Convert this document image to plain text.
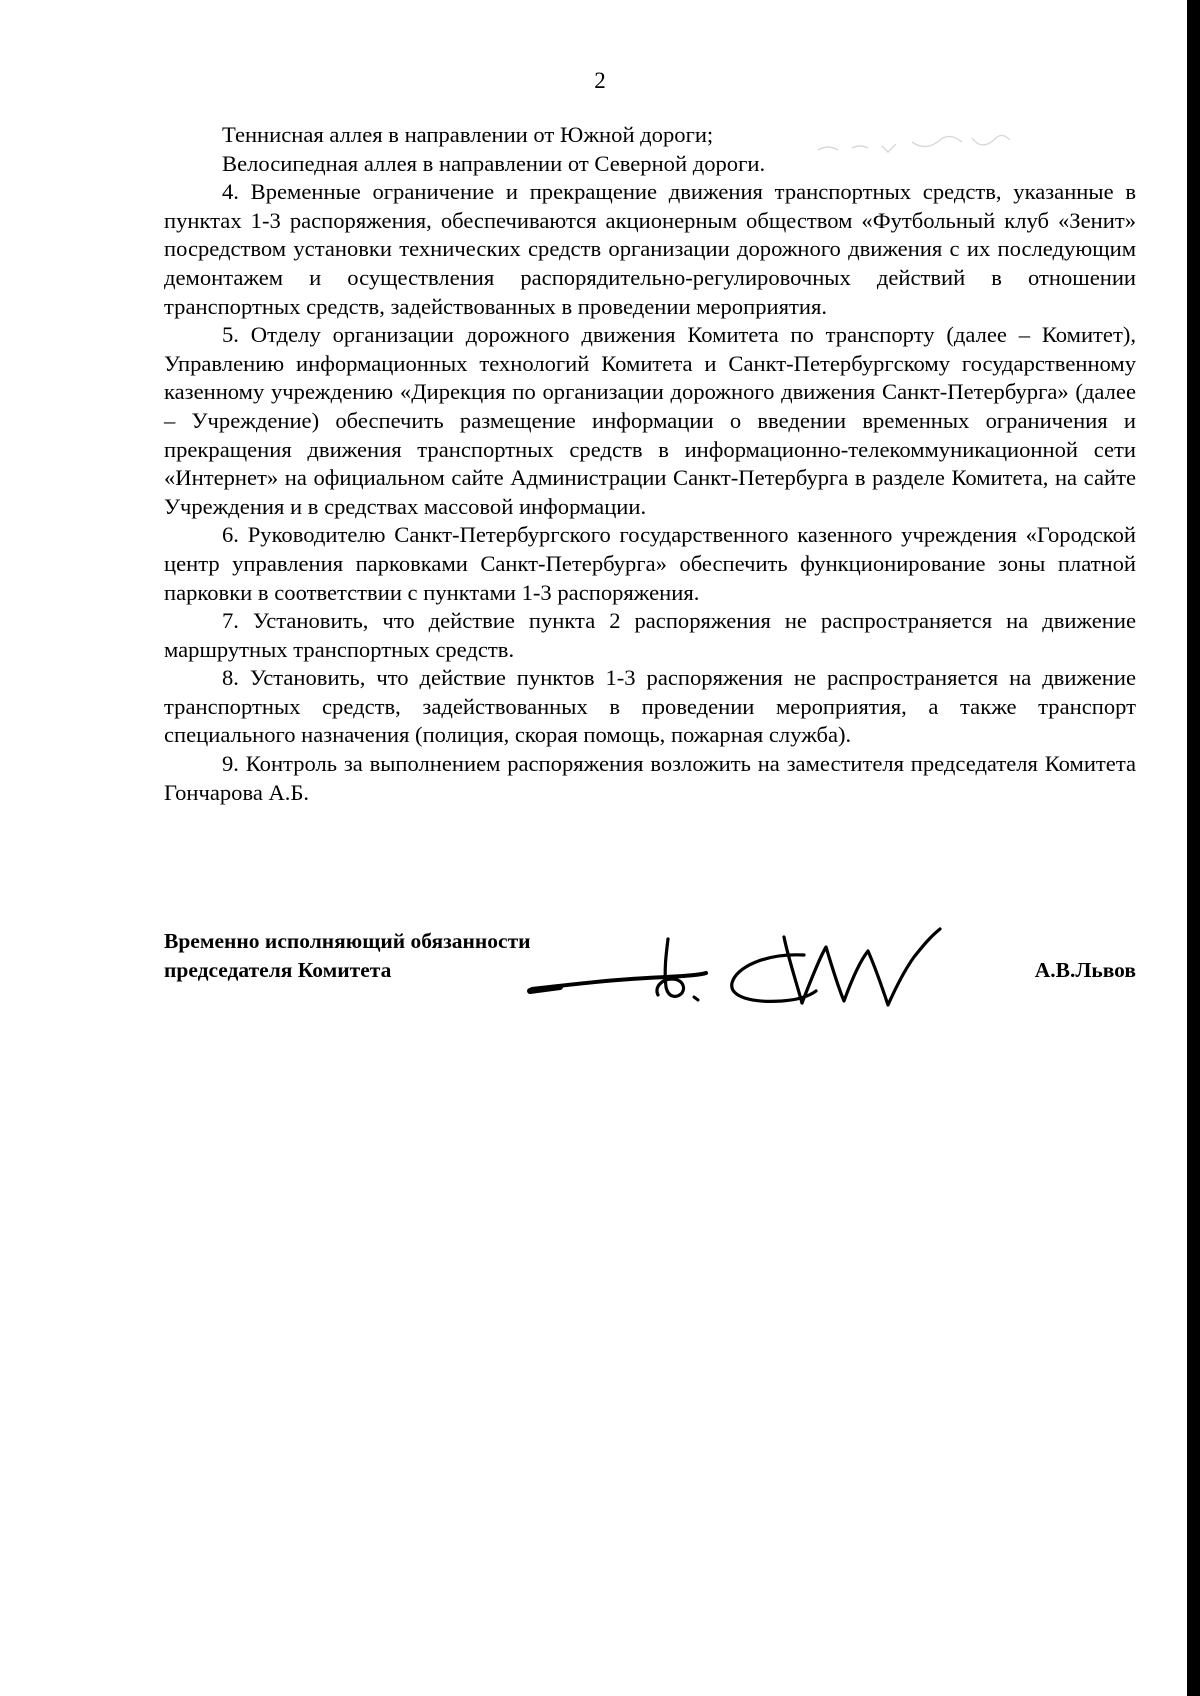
2

Теннисная аллея в направлении от Южной дороги;

Велосипедная аллея в направлении от Северной дороги.

4. Временные ограничение и прекращение движения транспортных средств, указанные в пунктах 1-3 распоряжения, обеспечиваются акционерным обществом «Футбольный клуб «Зенит» посредством установки технических средств организации дорожного движения с их последующим демонтажем и осуществления распорядительно-регулировочных действий в отношении транспортных средств, задействованных в проведении мероприятия.

5. Отделу организации дорожного движения Комитета по транспорту (далее – Комитет), Управлению информационных технологий Комитета и Санкт-Петербургскому государственному казенному учреждению «Дирекция по организации дорожного движения Санкт-Петербурга» (далее – Учреждение) обеспечить размещение информации о введении временных ограничения и прекращения движения транспортных средств в информационно-телекоммуникационной сети «Интернет» на официальном сайте Администрации Санкт-Петербурга в разделе Комитета, на сайте Учреждения и в средствах массовой информации.

6. Руководителю Санкт-Петербургского государственного казенного учреждения «Городской центр управления парковками Санкт-Петербурга» обеспечить функционирование зоны платной парковки в соответствии с пунктами 1-3 распоряжения.

7. Установить, что действие пункта 2 распоряжения не распространяется на движение маршрутных транспортных средств.

8. Установить, что действие пунктов 1-3 распоряжения не распространяется на движение транспортных средств, задействованных в проведении мероприятия, а также транспорт специального назначения (полиция, скорая помощь, пожарная служба).

9. Контроль за выполнением распоряжения возложить на заместителя председателя Комитета Гончарова А.Б.

Временно исполняющий обязанности
председателя Комитета	А.В.Львов
